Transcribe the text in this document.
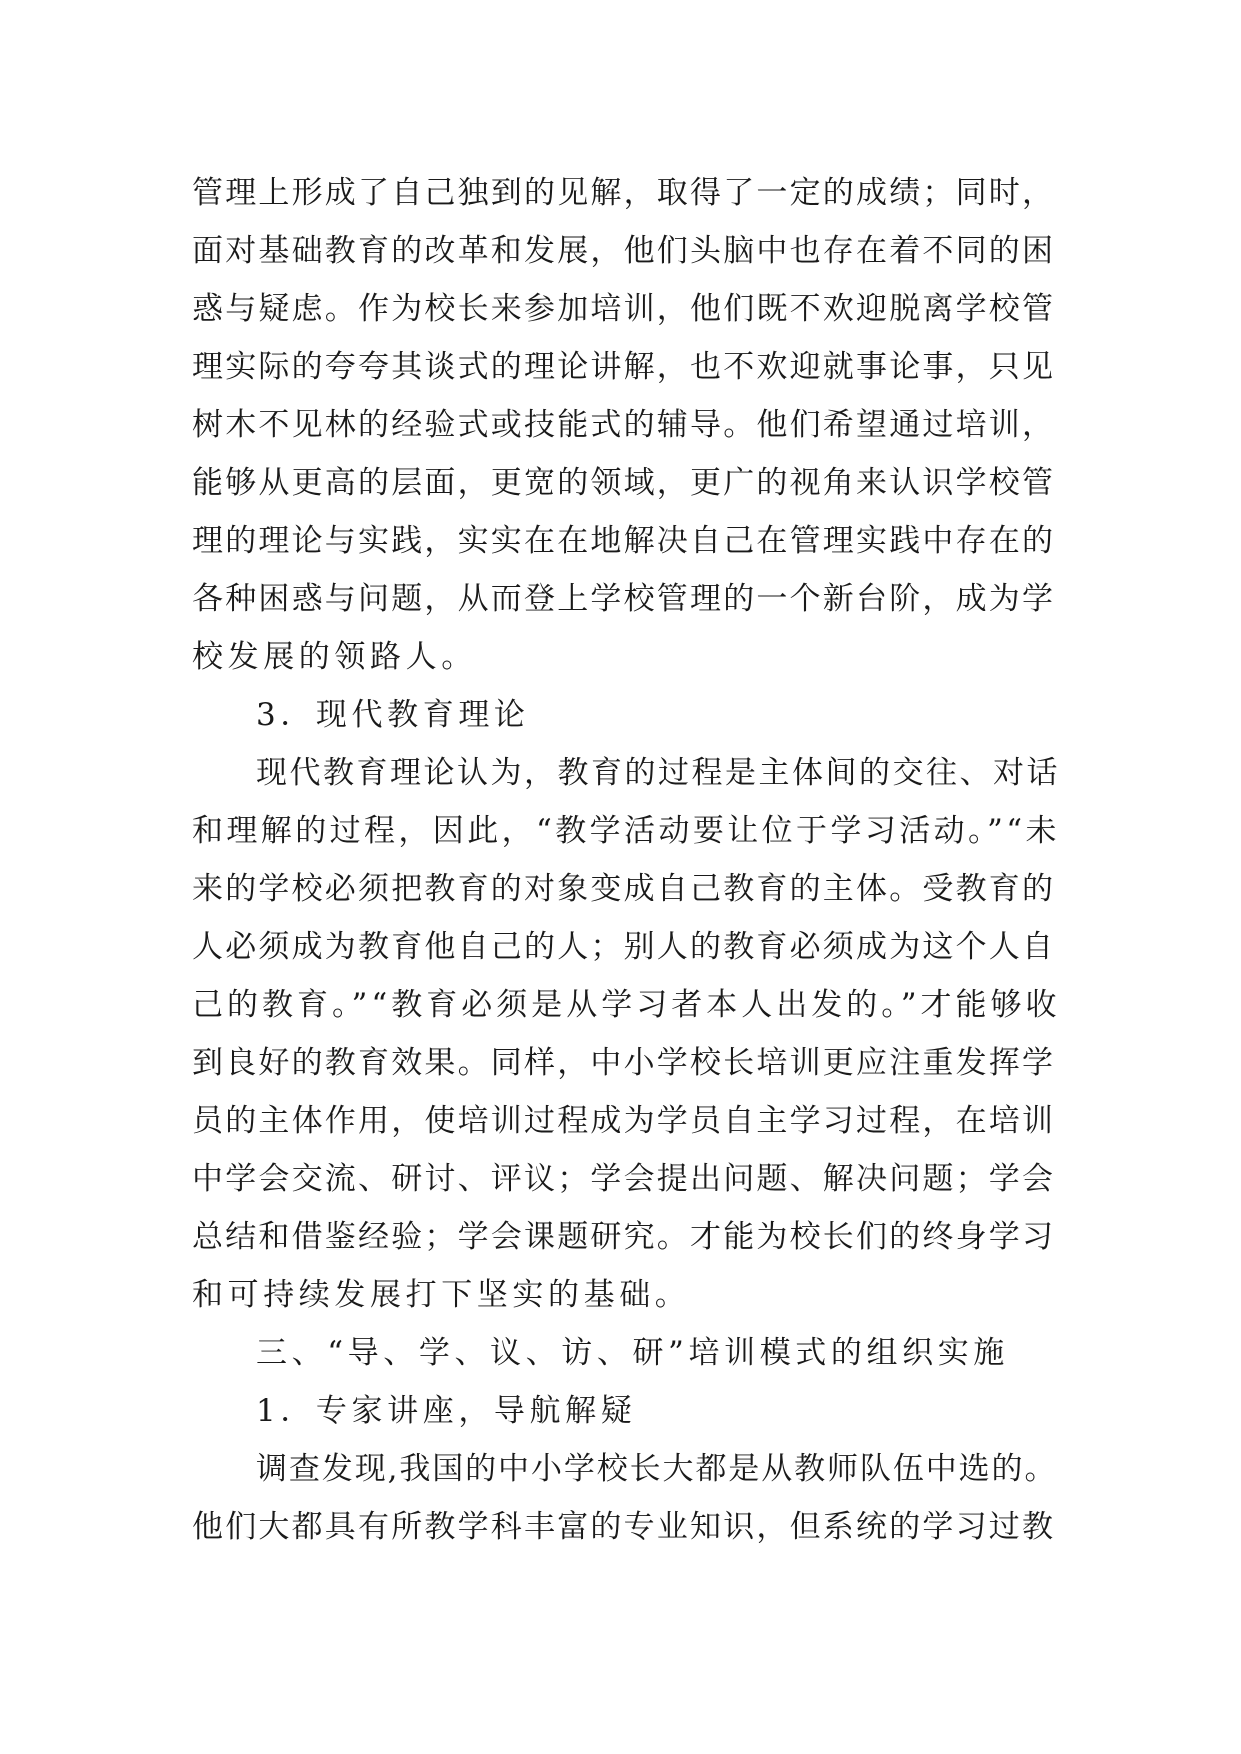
管理上形成了自己独到的见解，取得了一定的成绩；同时，
面对基础教育的改革和发展，他们头脑中也存在着不同的困
惑与疑虑。作为校长来参加培训，他们既不欢迎脱离学校管
理实际的夸夸其谈式的理论讲解，也不欢迎就事论事，只见
树木不见林的经验式或技能式的辅导。他们希望通过培训，
能够从更高的层面，更宽的领域，更广的视角来认识学校管
理的理论与实践，实实在在地解决自己在管理实践中存在的
各种困惑与问题，从而登上学校管理的一个新台阶，成为学
校发展的领路人。
3．现代教育理论
现代教育理论认为，教育的过程是主体间的交往、对话
和理解的过程，因此，“教学活动要让位于学习活动。”“未
来的学校必须把教育的对象变成自己教育的主体。受教育的
人必须成为教育他自己的人；别人的教育必须成为这个人自
己的教育。”“教育必须是从学习者本人出发的。”才能够收
到良好的教育效果。同样，中小学校长培训更应注重发挥学
员的主体作用，使培训过程成为学员自主学习过程，在培训
中学会交流、研讨、评议；学会提出问题、解决问题；学会
总结和借鉴经验；学会课题研究。才能为校长们的终身学习
和可持续发展打下坚实的基础。
三、“导、学、议、访、研”培训模式的组织实施
1．专家讲座，导航解疑
调查发现,我国的中小学校长大都是从教师队伍中选的。
他们大都具有所教学科丰富的专业知识，但系统的学习过教
